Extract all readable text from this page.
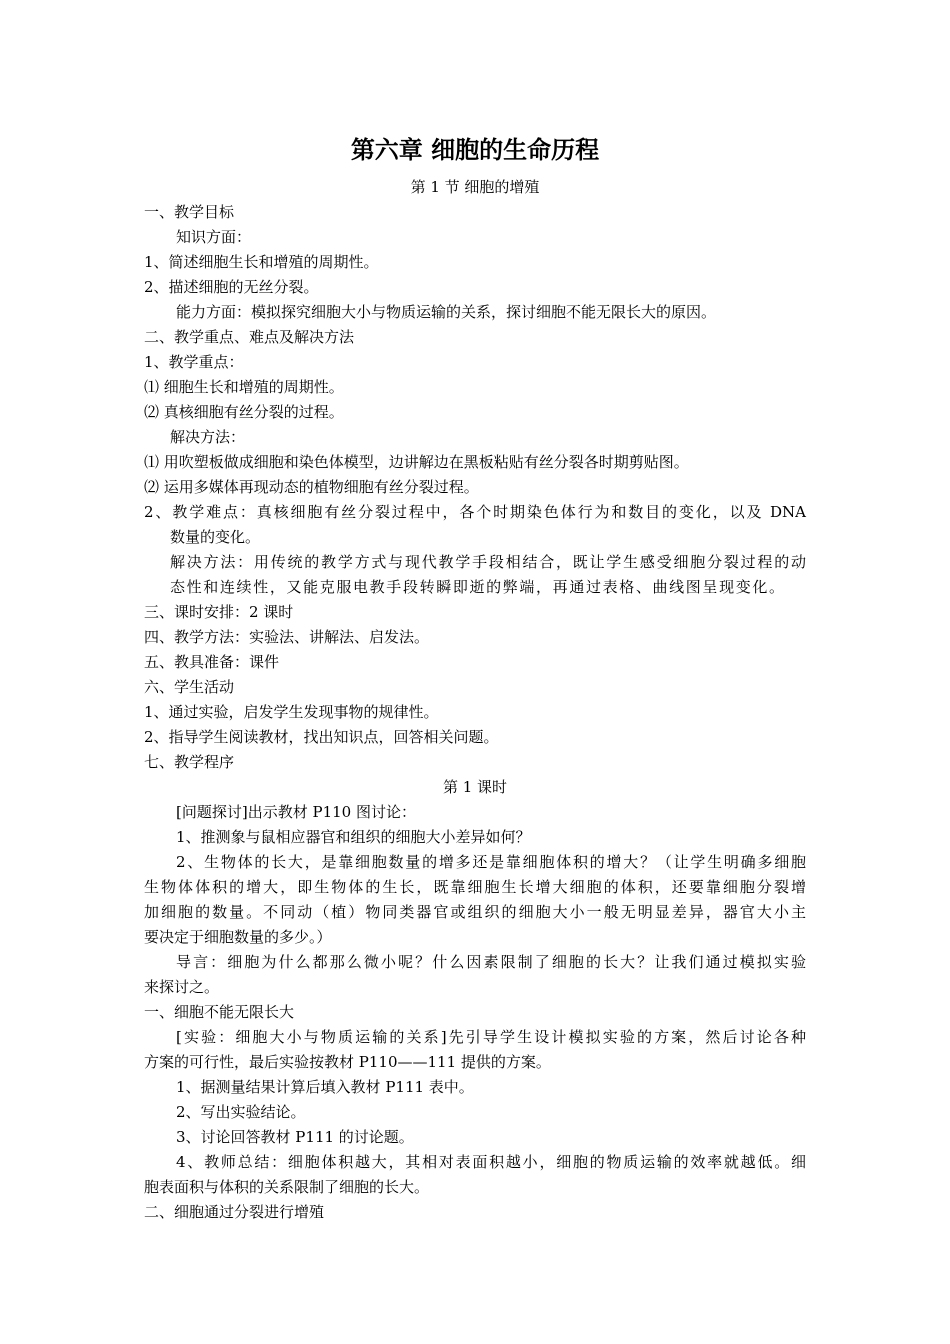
第六章 细胞的生命历程
第 1 节 细胞的增殖
一、教学目标
知识方面：
1、简述细胞生长和增殖的周期性。
2、描述细胞的无丝分裂。
能力方面：模拟探究细胞大小与物质运输的关系，探讨细胞不能无限长大的原因。
二、教学重点、难点及解决方法
1、教学重点：
⑴ 细胞生长和增殖的周期性。
⑵ 真核细胞有丝分裂的过程。
解决方法：
⑴ 用吹塑板做成细胞和染色体模型，边讲解边在黑板粘贴有丝分裂各时期剪贴图。
⑵ 运用多媒体再现动态的植物细胞有丝分裂过程。
2、教学难点：真核细胞有丝分裂过程中，各个时期染色体行为和数目的变化，以及 DNA
数量的变化。
解决方法：用传统的教学方式与现代教学手段相结合，既让学生感受细胞分裂过程的动
态性和连续性，又能克服电教手段转瞬即逝的弊端，再通过表格、曲线图呈现变化。
三、课时安排：2 课时
四、教学方法：实验法、讲解法、启发法。
五、教具准备：课件
六、学生活动
1、通过实验，启发学生发现事物的规律性。
2、指导学生阅读教材，找出知识点，回答相关问题。
七、教学程序
第 1 课时
[问题探讨]出示教材 P110 图讨论：
1、推测象与鼠相应器官和组织的细胞大小差异如何？
2、生物体的长大，是靠细胞数量的增多还是靠细胞体积的增大？（让学生明确多细胞
生物体体积的增大，即生物体的生长，既靠细胞生长增大细胞的体积，还要靠细胞分裂增
加细胞的数量。不同动（植）物同类器官或组织的细胞大小一般无明显差异，器官大小主
要决定于细胞数量的多少。）
导言：细胞为什么都那么微小呢？什么因素限制了细胞的长大？让我们通过模拟实验
来探讨之。
一、细胞不能无限长大
[实验：细胞大小与物质运输的关系]先引导学生设计模拟实验的方案，然后讨论各种
方案的可行性，最后实验按教材 P110——111 提供的方案。
1、据测量结果计算后填入教材 P111 表中。
2、写出实验结论。
3、讨论回答教材 P111 的讨论题。
4、教师总结：细胞体积越大，其相对表面积越小，细胞的物质运输的效率就越低。细
胞表面积与体积的关系限制了细胞的长大。
二、细胞通过分裂进行增殖
